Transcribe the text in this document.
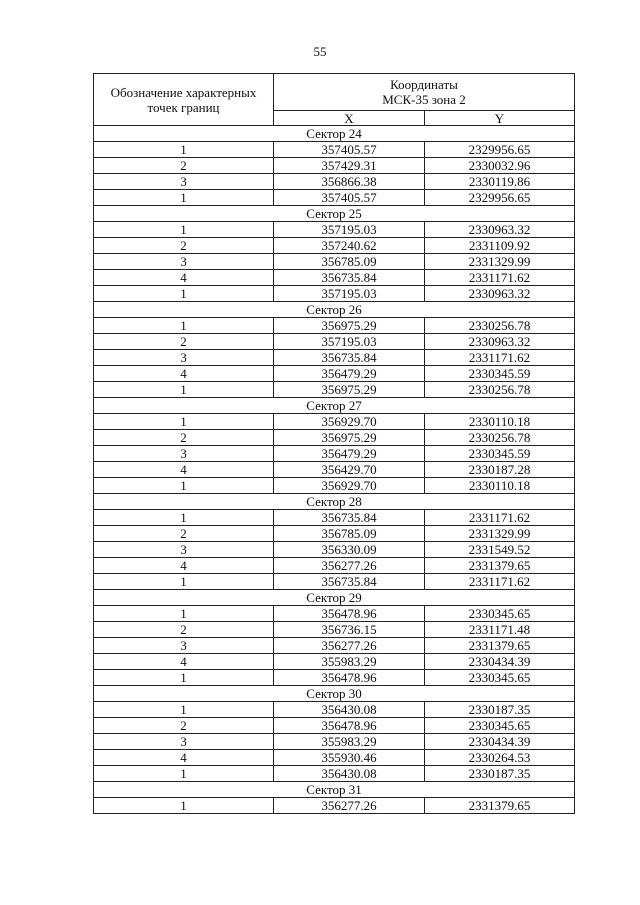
55
Обозначение характерных точек границ	Координаты
МСК-35 зона 2	
	X	Y
Сектор 24		
1	357405.57	2329956.65
2	357429.31	2330032.96
3	356866.38	2330119.86
1	357405.57	2329956.65
Сектор 25		
1	357195.03	2330963.32
2	357240.62	2331109.92
3	356785.09	2331329.99
4	356735.84	2331171.62
1	357195.03	2330963.32
Сектор 26		
1	356975.29	2330256.78
2	357195.03	2330963.32
3	356735.84	2331171.62
4	356479.29	2330345.59
1	356975.29	2330256.78
Сектор 27		
1	356929.70	2330110.18
2	356975.29	2330256.78
3	356479.29	2330345.59
4	356429.70	2330187.28
1	356929.70	2330110.18
Сектор 28		
1	356735.84	2331171.62
2	356785.09	2331329.99
3	356330.09	2331549.52
4	356277.26	2331379.65
1	356735.84	2331171.62
Сектор 29		
1	356478.96	2330345.65
2	356736.15	2331171.48
3	356277.26	2331379.65
4	355983.29	2330434.39
1	356478.96	2330345.65
Сектор 30		
1	356430.08	2330187.35
2	356478.96	2330345.65
3	355983.29	2330434.39
4	355930.46	2330264.53
1	356430.08	2330187.35
Сектор 31		
1	356277.26	2331379.65
